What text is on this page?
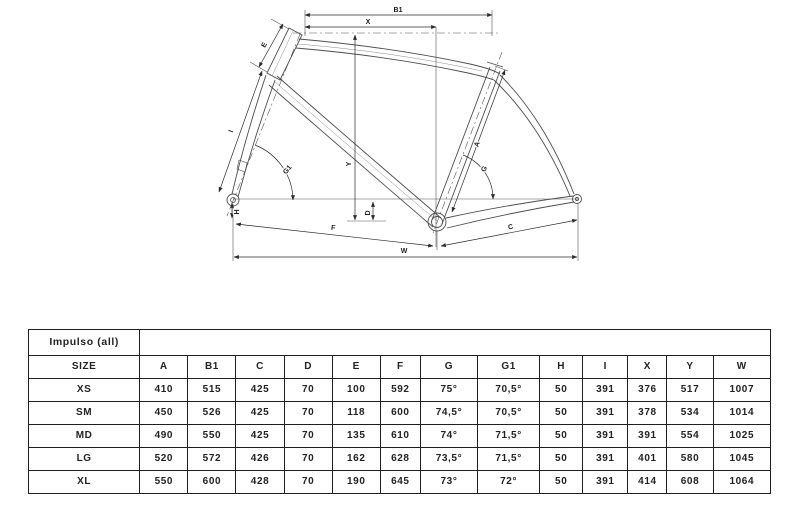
B1
X
E
I
G1
Y
A
G
D
H
F	C
W
Impulso (all)													
SIZE	A	B1	C	D	E	F	G	G1	H	I	X	Y	W
XS	410	515	425	70	100	592	75°	70,5°	50	391	376	517	1007
SM	450	526	425	70	118	600	74,5°	70,5°	50	391	378	534	1014
MD	490	550	425	70	135	610	74°	71,5°	50	391	391	554	1025
LG	520	572	426	70	162	628	73,5°	71,5°	50	391	401	580	1045
XL	550	600	428	70	190	645	73°	72°	50	391	414	608	1064
